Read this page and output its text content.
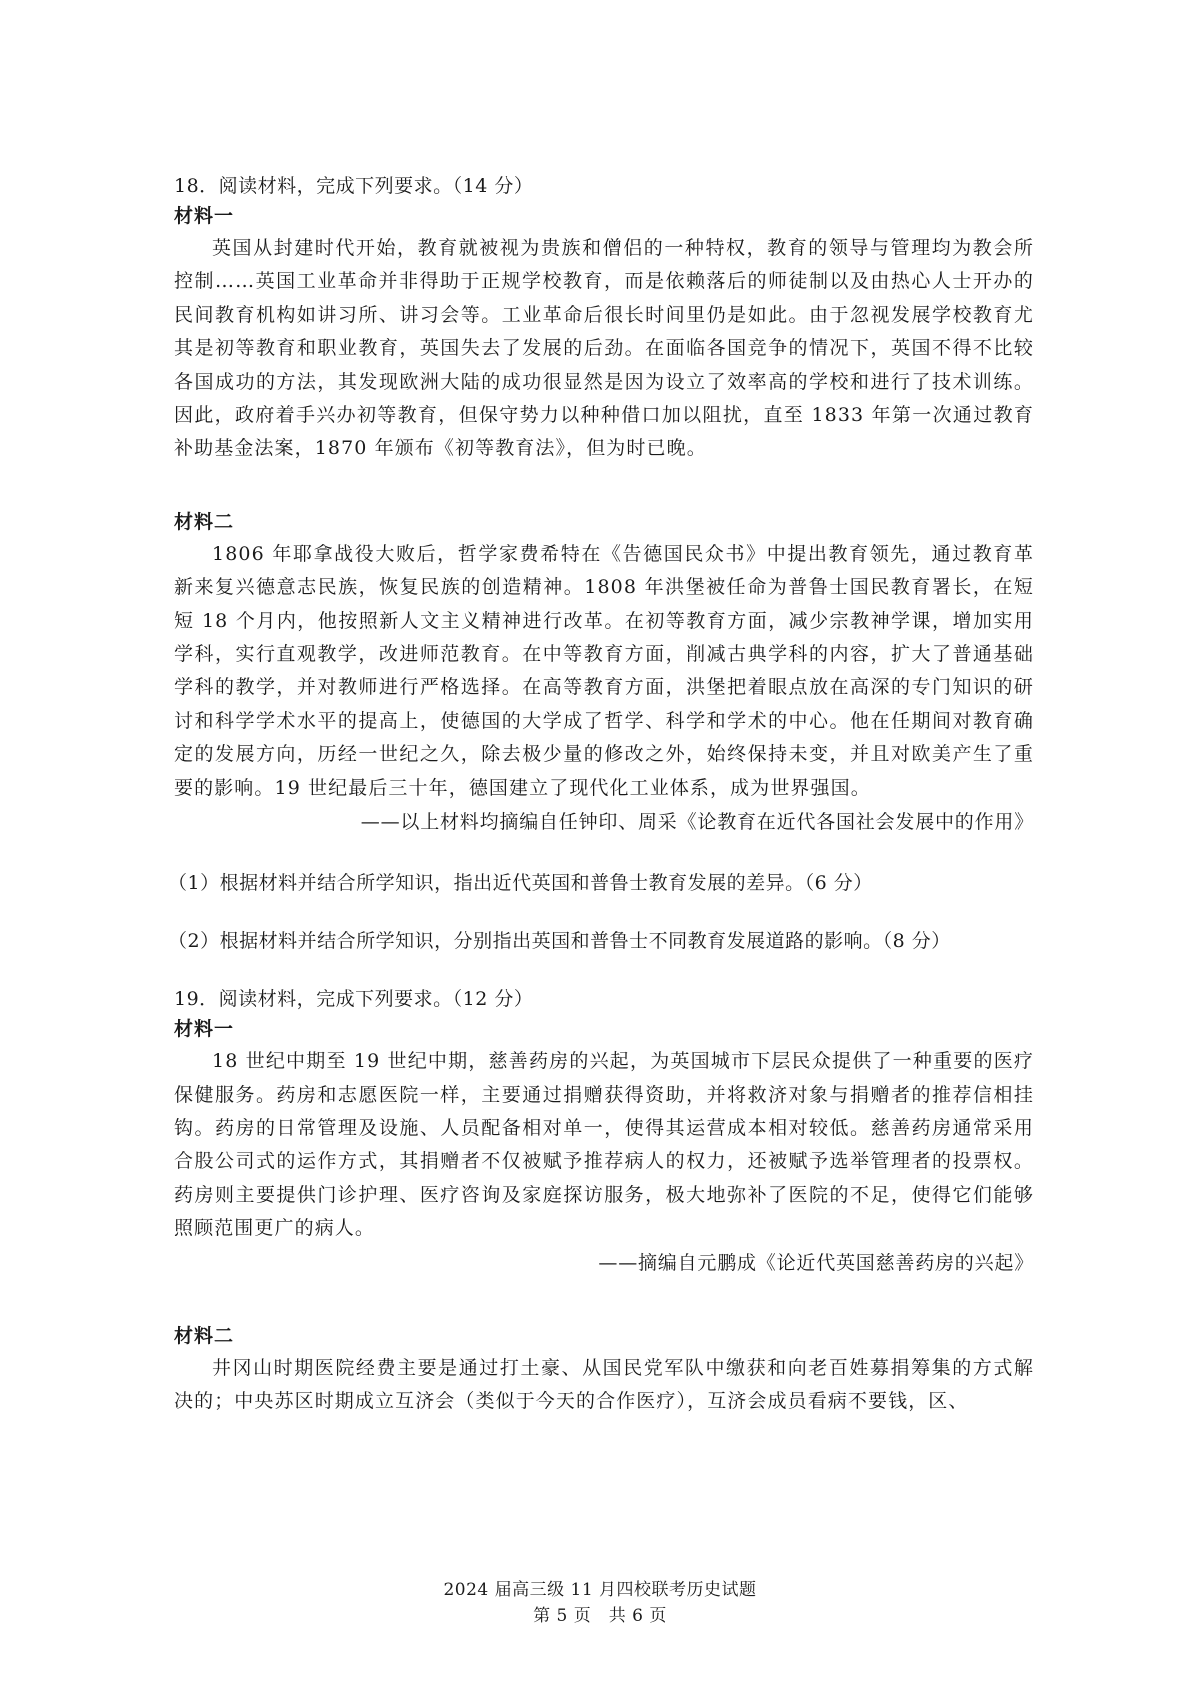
18．阅读材料，完成下列要求。（14 分）
材料一

英国从封建时代开始，教育就被视为贵族和僧侣的一种特权，教育的领导与管理均为教会所控制……英国工业革命并非得助于正规学校教育，而是依赖落后的师徒制以及由热心人士开办的民间教育机构如讲习所、讲习会等。工业革命后很长时间里仍是如此。由于忽视发展学校教育尤其是初等教育和职业教育，英国失去了发展的后劲。在面临各国竞争的情况下，英国不得不比较各国成功的方法，其发现欧洲大陆的成功很显然是因为设立了效率高的学校和进行了技术训练。因此，政府着手兴办初等教育，但保守势力以种种借口加以阻扰，直至 1833 年第一次通过教育补助基金法案，1870 年颁布《初等教育法》，但为时已晚。

材料二

1806 年耶拿战役大败后，哲学家费希特在《告德国民众书》中提出教育领先，通过教育革新来复兴德意志民族，恢复民族的创造精神。1808 年洪堡被任命为普鲁士国民教育署长，在短短 18 个月内，他按照新人文主义精神进行改革。在初等教育方面，减少宗教神学课，增加实用学科，实行直观教学，改进师范教育。在中等教育方面，削减古典学科的内容，扩大了普通基础学科的教学，并对教师进行严格选择。在高等教育方面，洪堡把着眼点放在高深的专门知识的研讨和科学学术水平的提高上，使德国的大学成了哲学、科学和学术的中心。他在任期间对教育确定的发展方向，历经一世纪之久，除去极少量的修改之外，始终保持未变，并且对欧美产生了重要的影响。19 世纪最后三十年，德国建立了现代化工业体系，成为世界强国。

——以上材料均摘编自任钟印、周采《论教育在近代各国社会发展中的作用》
（1）根据材料并结合所学知识，指出近代英国和普鲁士教育发展的差异。（6 分）
（2）根据材料并结合所学知识，分别指出英国和普鲁士不同教育发展道路的影响。（8 分）
19．阅读材料，完成下列要求。（12 分）
材料一

18 世纪中期至 19 世纪中期，慈善药房的兴起，为英国城市下层民众提供了一种重要的医疗保健服务。药房和志愿医院一样，主要通过捐赠获得资助，并将救济对象与捐赠者的推荐信相挂钩。药房的日常管理及设施、人员配备相对单一，使得其运营成本相对较低。慈善药房通常采用合股公司式的运作方式，其捐赠者不仅被赋予推荐病人的权力，还被赋予选举管理者的投票权。药房则主要提供门诊护理、医疗咨询及家庭探访服务，极大地弥补了医院的不足，使得它们能够照顾范围更广的病人。

——摘编自元鹏成《论近代英国慈善药房的兴起》
材料二

井冈山时期医院经费主要是通过打土豪、从国民党军队中缴获和向老百姓募捐筹集的方式解决的；中央苏区时期成立互济会（类似于今天的合作医疗），互济会成员看病不要钱，区、

2024 届高三级 11 月四校联考历史试题
第 5 页　共 6 页
